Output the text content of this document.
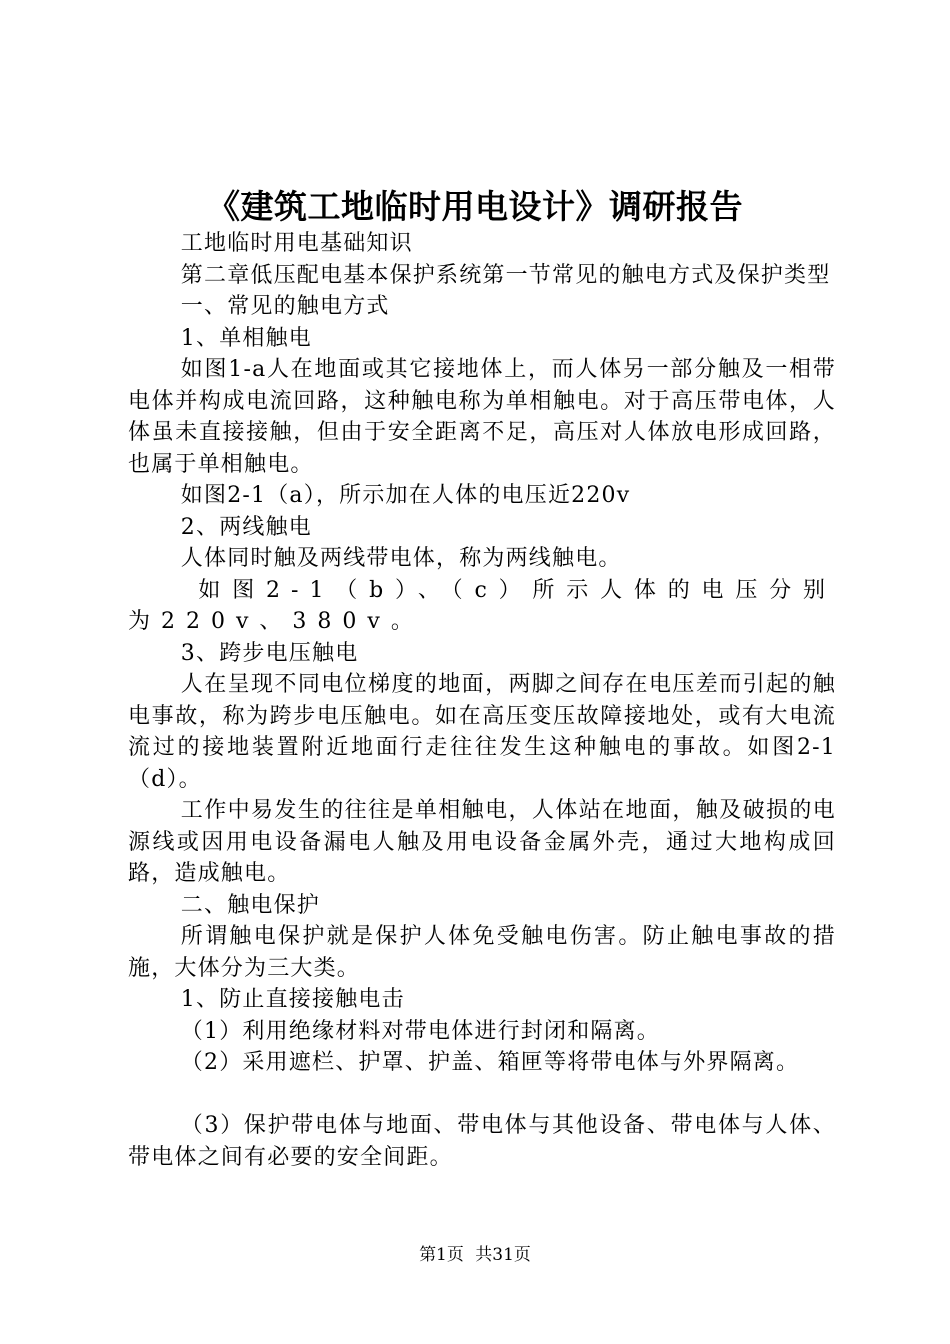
《建筑工地临时用电设计》调研报告

工地临时用电基础知识

第二章低压配电基本保护系统第一节常见的触电方式及保护类型

一、常见的触电方式

1、单相触电

如图1-a人在地面或其它接地体上，而人体另一部分触及一相带电体并构成电流回路，这种触电称为单相触电。对于高压带电体，人体虽未直接接触，但由于安全距离不足，高压对人体放电形成回路，也属于单相触电。

如图2-1（a），所示加在人体的电压近220v

2、两线触电

人体同时触及两线带电体，称为两线触电。

如图2-1（b）、（c）所示人体的电压分别为220v、380v。

3、跨步电压触电

人在呈现不同电位梯度的地面，两脚之间存在电压差而引起的触电事故，称为跨步电压触电。如在高压变压故障接地处，或有大电流流过的接地装置附近地面行走往往发生这种触电的事故。如图2-1（d）。

工作中易发生的往往是单相触电，人体站在地面，触及破损的电源线或因用电设备漏电人触及用电设备金属外壳，通过大地构成回路，造成触电。

二、触电保护

所谓触电保护就是保护人体免受触电伤害。防止触电事故的措施，大体分为三大类。

1、防止直接接触电击

（1）利用绝缘材料对带电体进行封闭和隔离。

（2）采用遮栏、护罩、护盖、箱匣等将带电体与外界隔离。

（3）保护带电体与地面、带电体与其他设备、带电体与人体、带电体之间有必要的安全间距。

第1页 共31页
